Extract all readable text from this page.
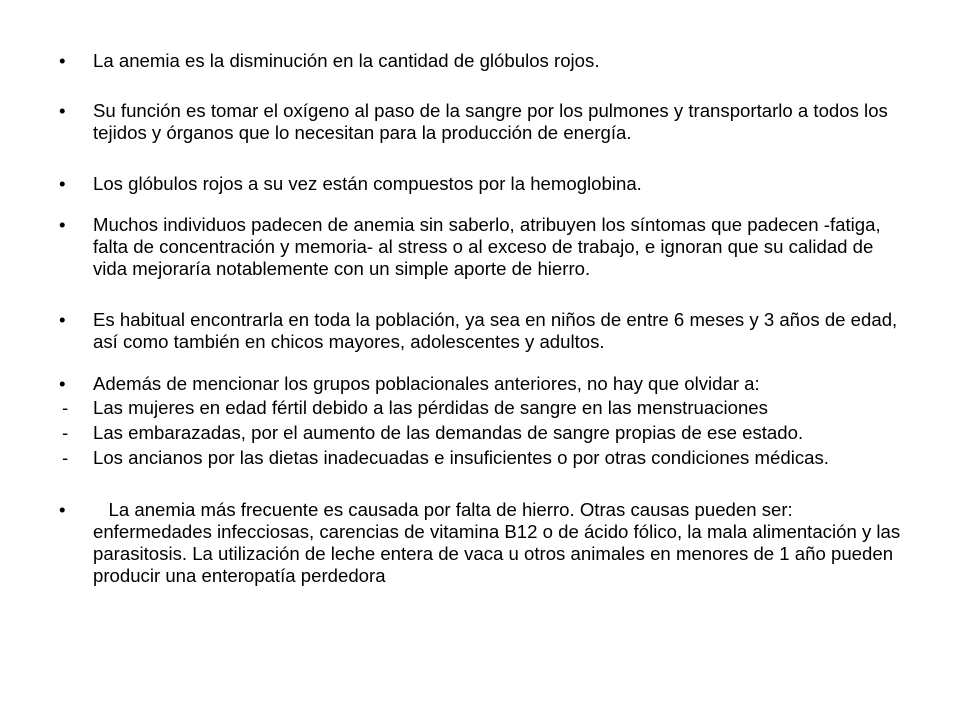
•	La anemia es la disminución en la cantidad de glóbulos rojos.
•	Su función es tomar el oxígeno al paso de la sangre por los pulmones y transportarlo a todos los tejidos y órganos que lo necesitan para la producción de energía.
•	Los glóbulos rojos a su vez están compuestos por la hemoglobina.
•	Muchos individuos padecen de anemia sin saberlo, atribuyen los síntomas que padecen -fatiga, falta de concentración y memoria- al stress o al exceso de trabajo, e ignoran que su calidad de vida mejoraría notablemente con un simple aporte de hierro.
•	Es habitual encontrarla en toda la población, ya sea en niños de entre 6 meses y 3 años de edad, así como también en chicos mayores, adolescentes y adultos.
•	Además de mencionar los grupos poblacionales anteriores, no hay que olvidar a:
-	Las mujeres en edad fértil debido a las pérdidas de sangre en las menstruaciones
-	Las embarazadas, por el aumento de las demandas de sangre propias de ese estado.
-	Los ancianos por las dietas inadecuadas e insuficientes o por otras condiciones médicas.
•	La anemia más frecuente es causada por falta de hierro. Otras causas pueden ser: enfermedades infecciosas, carencias de vitamina B12 o de ácido fólico, la mala alimentación y las parasitosis. La utilización de leche entera de vaca u otros animales en menores de 1 año pueden producir una enteropatía perdedora
